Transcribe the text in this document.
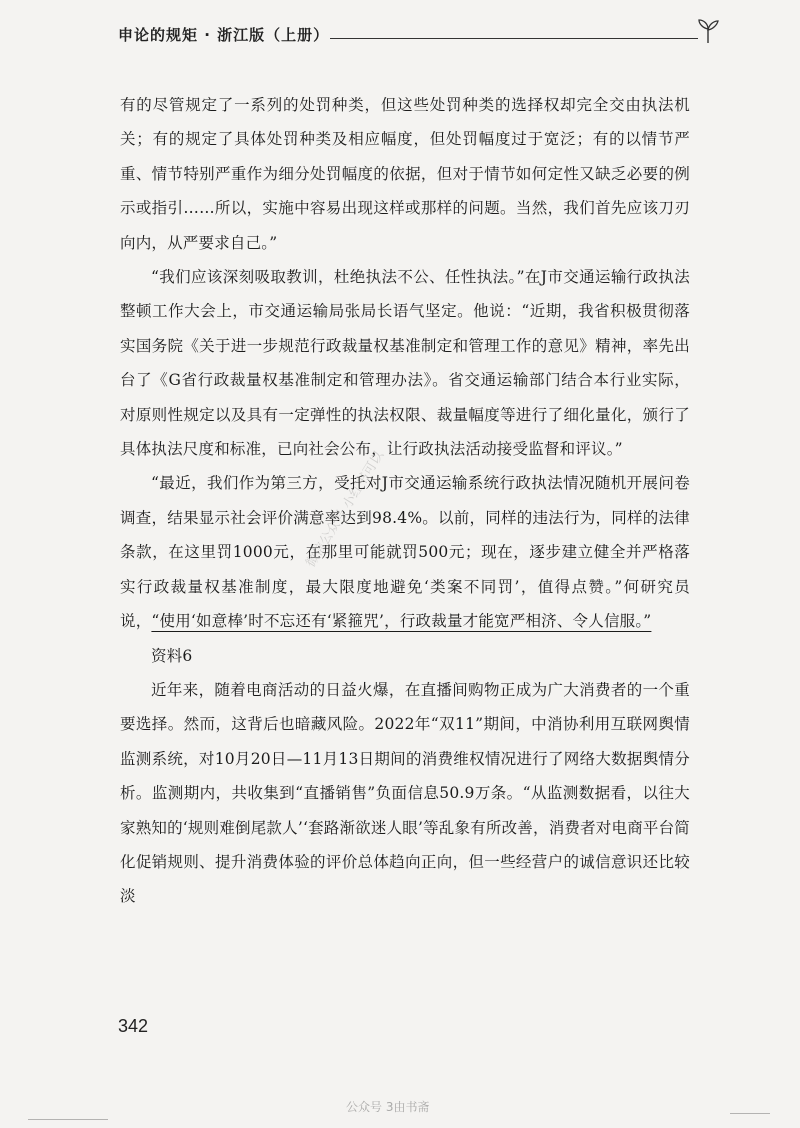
申论的规矩 · 浙江版（上册）

有的尽管规定了一系列的处罚种类，但这些处罚种类的选择权却完全交由执法机关；有的规定了具体处罚种类及相应幅度，但处罚幅度过于宽泛；有的以情节严重、情节特别严重作为细分处罚幅度的依据，但对于情节如何定性又缺乏必要的例示或指引……所以，实施中容易出现这样或那样的问题。当然，我们首先应该刀刃向内，从严要求自己。”

“我们应该深刻吸取教训，杜绝执法不公、任性执法。”在J市交通运输行政执法整顿工作大会上，市交通运输局张局长语气坚定。他说：“近期，我省积极贯彻落实国务院《关于进一步规范行政裁量权基准制定和管理工作的意见》精神，率先出台了《G省行政裁量权基准制定和管理办法》。省交通运输部门结合本行业实际，对原则性规定以及具有一定弹性的执法权限、裁量幅度等进行了细化量化，颁行了具体执法尺度和标准，已向社会公布，让行政执法活动接受监督和评议。”

“最近，我们作为第三方，受托对J市交通运输系统行政执法情况随机开展问卷调查，结果显示社会评价满意率达到98.4%。以前，同样的违法行为，同样的法律条款，在这里罚1000元，在那里可能就罚500元；现在，逐步建立健全并严格落实行政裁量权基准制度，最大限度地避免‘类案不同罚’，值得点赞。”何研究员说，“使用‘如意棒’时不忘还有‘紧箍咒’，行政裁量才能宽严相济、令人信服。”

资料6

近年来，随着电商活动的日益火爆，在直播间购物正成为广大消费者的一个重要选择。然而，这背后也暗藏风险。2022年“双11”期间，中消协利用互联网舆情监测系统，对10月20日—11月13日期间的消费维权情况进行了网络大数据舆情分析。监测期内，共收集到“直播销售”负面信息50.9万条。“从监测数据看，以往大家熟知的‘规则难倒尾款人’‘套路渐欲迷人眼’等乱象有所改善，消费者对电商平台简化促销规则、提升消费体验的评价总体趋向正向，但一些经营户的诚信意识还比较淡

微信公众号 小红书可以
342
公众号 3由书斋
